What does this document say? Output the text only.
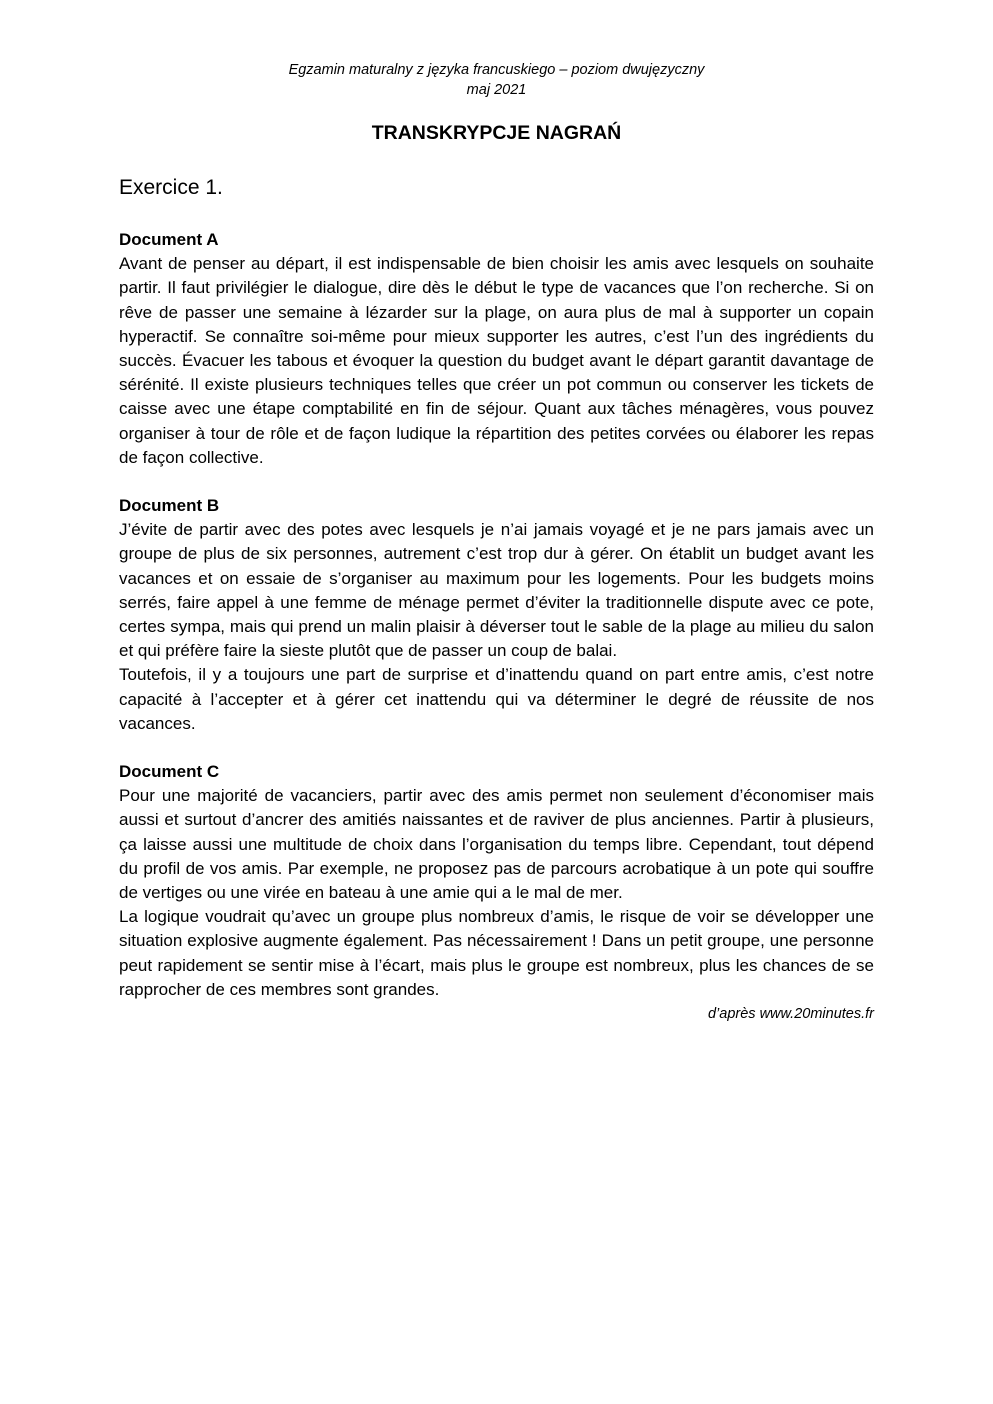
Egzamin maturalny z języka francuskiego – poziom dwujęzyczny
maj 2021
TRANSKRYPCJE NAGRAŃ
Exercice 1.

Document A

Avant de penser au départ, il est indispensable de bien choisir les amis avec lesquels on souhaite partir. Il faut privilégier le dialogue, dire dès le début le type de vacances que l’on recherche. Si on rêve de passer une semaine à lézarder sur la plage, on aura plus de mal à supporter un copain hyperactif. Se connaître soi-même pour mieux supporter les autres, c’est l’un des ingrédients du succès. Évacuer les tabous et évoquer la question du budget avant le départ garantit davantage de sérénité. Il existe plusieurs techniques telles que créer un pot commun ou conserver les tickets de caisse avec une étape comptabilité en fin de séjour. Quant aux tâches ménagères, vous pouvez organiser à tour de rôle et de façon ludique la répartition des petites corvées ou élaborer les repas de façon collective.

Document B

J’évite de partir avec des potes avec lesquels je n’ai jamais voyagé et je ne pars jamais avec un groupe de plus de six personnes, autrement c’est trop dur à gérer. On établit un budget avant les vacances et on essaie de s’organiser au maximum pour les logements. Pour les budgets moins serrés, faire appel à une femme de ménage permet d’éviter la traditionnelle dispute avec ce pote, certes sympa, mais qui prend un malin plaisir à déverser tout le sable de la plage au milieu du salon et qui préfère faire la sieste plutôt que de passer un coup de balai.

Toutefois, il y a toujours une part de surprise et d’inattendu quand on part entre amis, c’est notre capacité à l’accepter et à gérer cet inattendu qui va déterminer le degré de réussite de nos vacances.

Document C

Pour une majorité de vacanciers, partir avec des amis permet non seulement d’économiser mais aussi et surtout d’ancrer des amitiés naissantes et de raviver de plus anciennes. Partir à plusieurs, ça laisse aussi une multitude de choix dans l’organisation du temps libre. Cependant, tout dépend du profil de vos amis. Par exemple, ne proposez pas de parcours acrobatique à un pote qui souffre de vertiges ou une virée en bateau à une amie qui a le mal de mer.

La logique voudrait qu’avec un groupe plus nombreux d’amis, le risque de voir se développer une situation explosive augmente également. Pas nécessairement ! Dans un petit groupe, une personne peut rapidement se sentir mise à l’écart, mais plus le groupe est nombreux, plus les chances de se rapprocher de ces membres sont grandes.

d’après www.20minutes.fr
